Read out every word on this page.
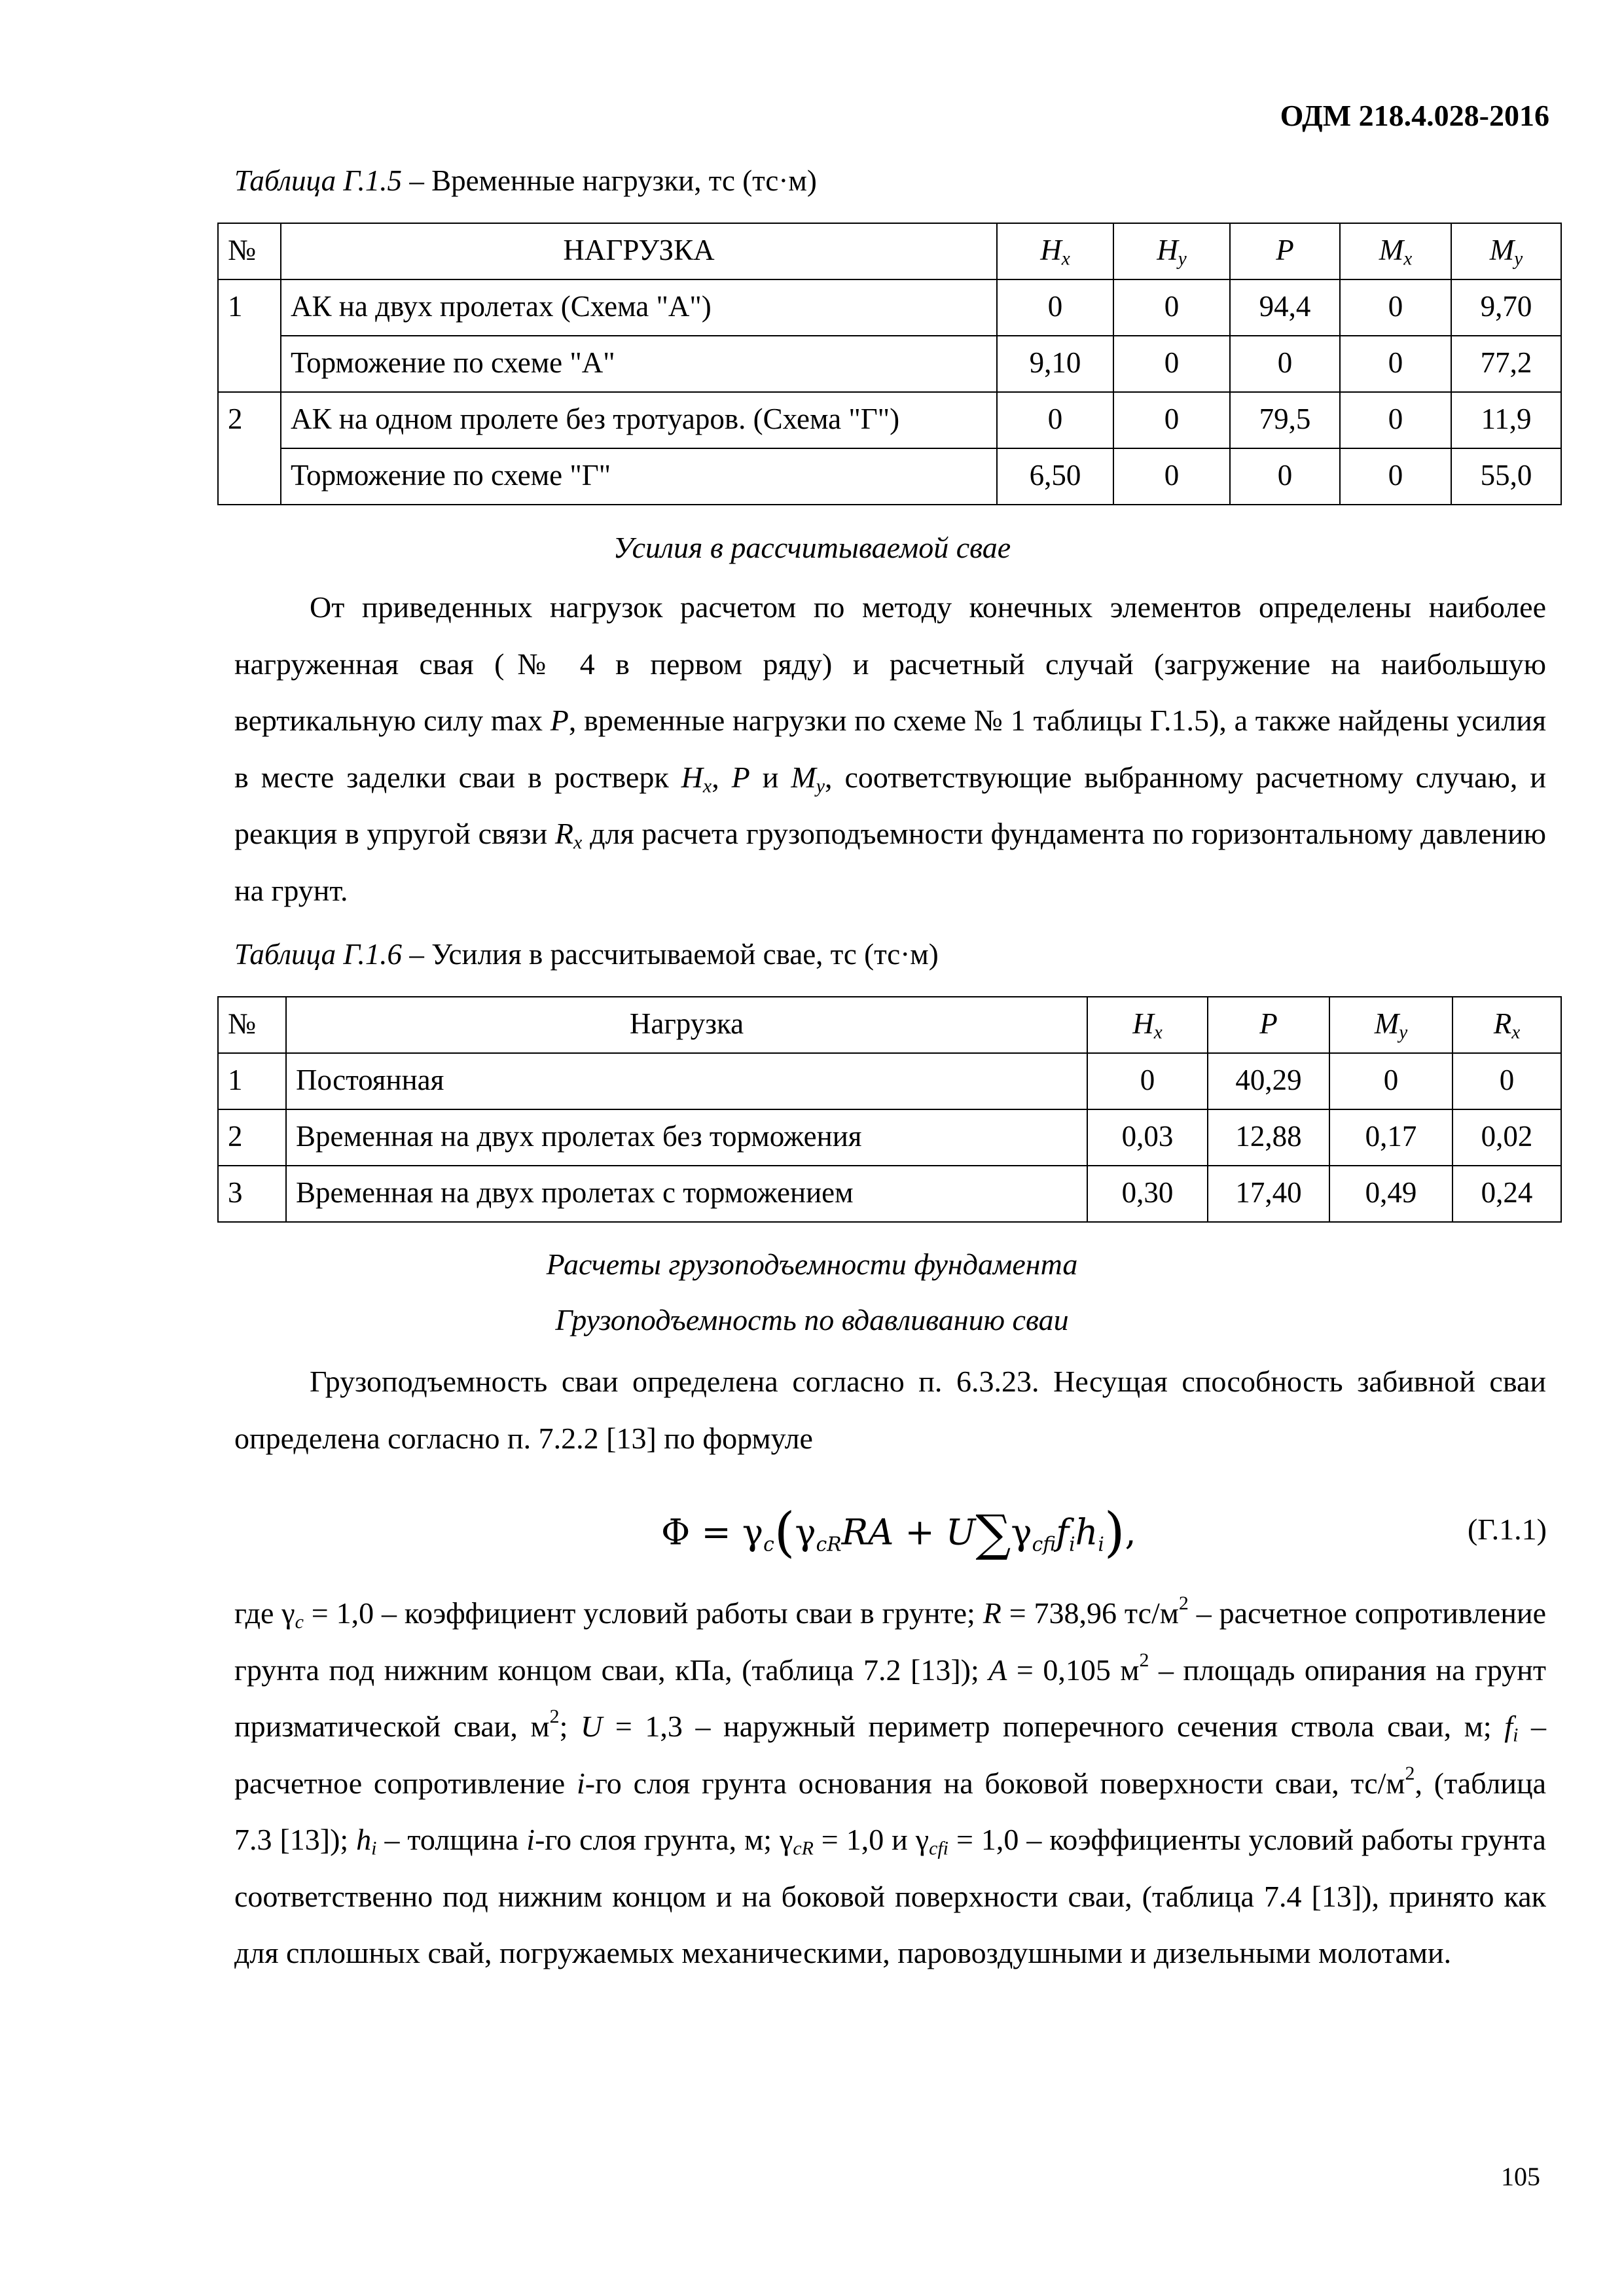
ОДМ 218.4.028-2016
Таблица Г.1.5 – Временные нагрузки, тс (тс·м)
№	НАГРУЗКА	$H_x$	$H_y$	P	$M_x$	$M_y$
1	АК на двух пролетах (Схема "А")	0	0	94,4	0	9,70
	Торможение по схеме "А"	9,10	0	0	0	77,2
2	АК на одном пролете без тротуаров. (Схема "Г")	0	0	79,5	0	11,9
	Торможение по схеме "Г"	6,50	0	0	0	55,0
Усилия в рассчитываемой свае
От приведенных нагрузок расчетом по методу конечных элементов определены наиболее нагруженная свая (№ 4 в первом ряду) и расчетный случай (загружение на наибольшую вертикальную силу max P, временные нагрузки по схеме № 1 таблицы Г.1.5), а также найдены усилия в месте заделки сваи в ростверк $H_x$, P и $M_y$, соответствующие выбранному расчетному случаю, и реакция в упругой связи $R_x$ для расчета грузоподъемности фундамента по горизонтальному давлению на грунт.
Таблица Г.1.6 – Усилия в рассчитываемой свае, тс (тс·м)
№	Нагрузка	$H_x$	P	$M_y$	$R_x$
1	Постоянная	0	40,29	0	0
2	Временная на двух пролетах без торможения	0,03	12,88	0,17	0,02
3	Временная на двух пролетах с торможением	0,30	17,40	0,49	0,24
Расчеты грузоподъемности фундамента
Грузоподъемность по вдавливанию сваи
Грузоподъемность сваи определена согласно п. 6.3.23. Несущая способность забивной сваи определена согласно п. 7.2.2 [13] по формуле
$\Phi = \gamma_c(\gamma_{cR}RA + U\sum\gamma_{cfi}f_ih_i)$,	(Г.1.1)
где $\gamma_c = 1,0$ – коэффициент условий работы сваи в грунте; R = 738,96 $тс/м^2$ – расчетное сопротивление грунта под нижним концом сваи, кПа, (таблица 7.2 [13]); A = 0,105 $м^2$ – площадь опирания на грунт призматической сваи, $м^2$; U = 1,3 – наружный периметр поперечного сечения ствола сваи, м; $f_i$ – расчетное сопротивление i-го слоя грунта основания на боковой поверхности сваи, $тс/м^2$, (таблица 7.3 [13]); $h_i$ – толщина i-го слоя грунта, м; $\gamma_{cR} = 1,0$ и $\gamma_{cfi} = 1,0$ – коэффициенты условий работы грунта соответственно под нижним концом и на боковой поверхности сваи, (таблица 7.4 [13]), принято как для сплошных свай, погружаемых механическими, паровоздушными и дизельными молотами.
105
